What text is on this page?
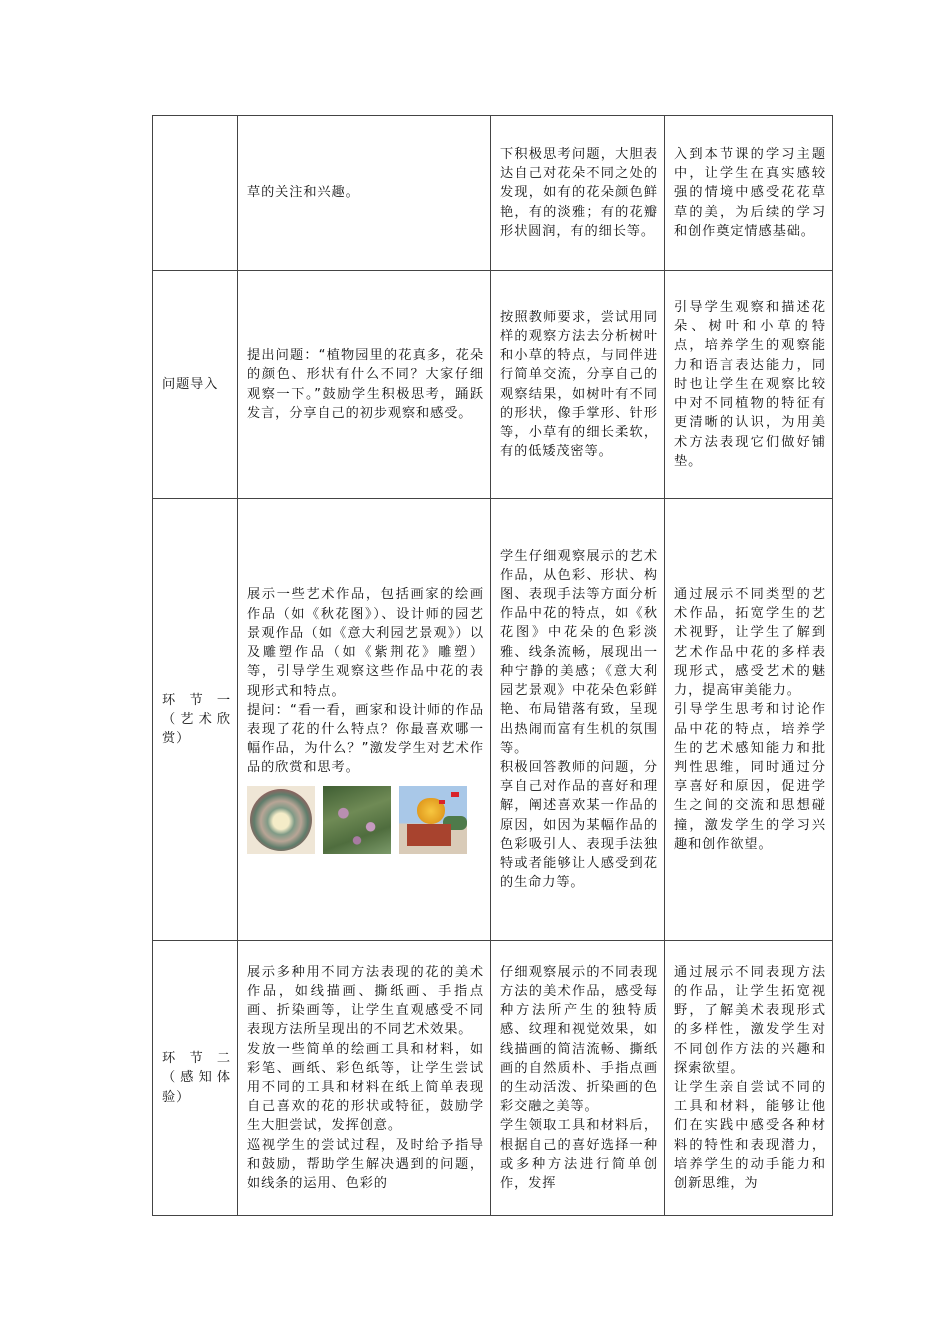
	草的关注和兴趣。	下积极思考问题，大胆表达自己对花朵不同之处的发现，如有的花朵颜色鲜艳，有的淡雅；有的花瓣形状圆润，有的细长等。	入到本节课的学习主题中，让学生在真实感较强的情境中感受花花草草的美，为后续的学习和创作奠定情感基础。

问题导入	提出问题：“植物园里的花真多，花朵的颜色、形状有什么不同？大家仔细观察一下。”鼓励学生积极思考，踊跃发言，分享自己的初步观察和感受。	按照教师要求，尝试用同样的观察方法去分析树叶和小草的特点，与同伴进行简单交流，分享自己的观察结果，如树叶有不同的形状，像手掌形、针形等，小草有的细长柔软，有的低矮茂密等。	引导学生观察和描述花朵、树叶和小草的特点，培养学生的观察能力和语言表达能力，同时也让学生在观察比较中对不同植物的特征有更清晰的认识，为用美术方法表现它们做好铺垫。

环节一（艺术欣赏）	展示一些艺术作品，包括画家的绘画作品（如《秋花图》）、设计师的园艺景观作品（如《意大利园艺景观》）以及雕塑作品（如《紫荆花》雕塑）等，引导学生观察这些作品中花的表现形式和特点。
提问：“看一看，画家和设计师的作品表现了花的什么特点？你最喜欢哪一幅作品，为什么？”激发学生对艺术作品的欣赏和思考。	学生仔细观察展示的艺术作品，从色彩、形状、构图、表现手法等方面分析作品中花的特点，如《秋花图》中花朵的色彩淡雅、线条流畅，展现出一种宁静的美感；《意大利园艺景观》中花朵色彩鲜艳、布局错落有致，呈现出热闹而富有生机的氛围等。
积极回答教师的问题，分享自己对作品的喜好和理解，阐述喜欢某一作品的原因，如因为某幅作品的色彩吸引人、表现手法独特或者能够让人感受到花的生命力等。	通过展示不同类型的艺术作品，拓宽学生的艺术视野，让学生了解到艺术作品中花的多样表现形式，感受艺术的魅力，提高审美能力。
引导学生思考和讨论作品中花的特点，培养学生的艺术感知能力和批判性思维，同时通过分享喜好和原因，促进学生之间的交流和思想碰撞，激发学生的学习兴趣和创作欲望。

环节二（感知体验）	展示多种用不同方法表现的花的美术作品，如线描画、撕纸画、手指点画、折染画等，让学生直观感受不同表现方法所呈现出的不同艺术效果。
发放一些简单的绘画工具和材料，如彩笔、画纸、彩色纸等，让学生尝试用不同的工具和材料在纸上简单表现自己喜欢的花的形状或特征，鼓励学生大胆尝试，发挥创意。
巡视学生的尝试过程，及时给予指导和鼓励，帮助学生解决遇到的问题，如线条的运用、色彩的	仔细观察展示的不同表现方法的美术作品，感受每种方法所产生的独特质感、纹理和视觉效果，如线描画的简洁流畅、撕纸画的自然质朴、手指点画的生动活泼、折染画的色彩交融之美等。
学生领取工具和材料后，根据自己的喜好选择一种或多种方法进行简单创作，发挥	通过展示不同表现方法的作品，让学生拓宽视野，了解美术表现形式的多样性，激发学生对不同创作方法的兴趣和探索欲望。
让学生亲自尝试不同的工具和材料，能够让他们在实践中感受各种材料的特性和表现潜力，培养学生的动手能力和创新思维，为
